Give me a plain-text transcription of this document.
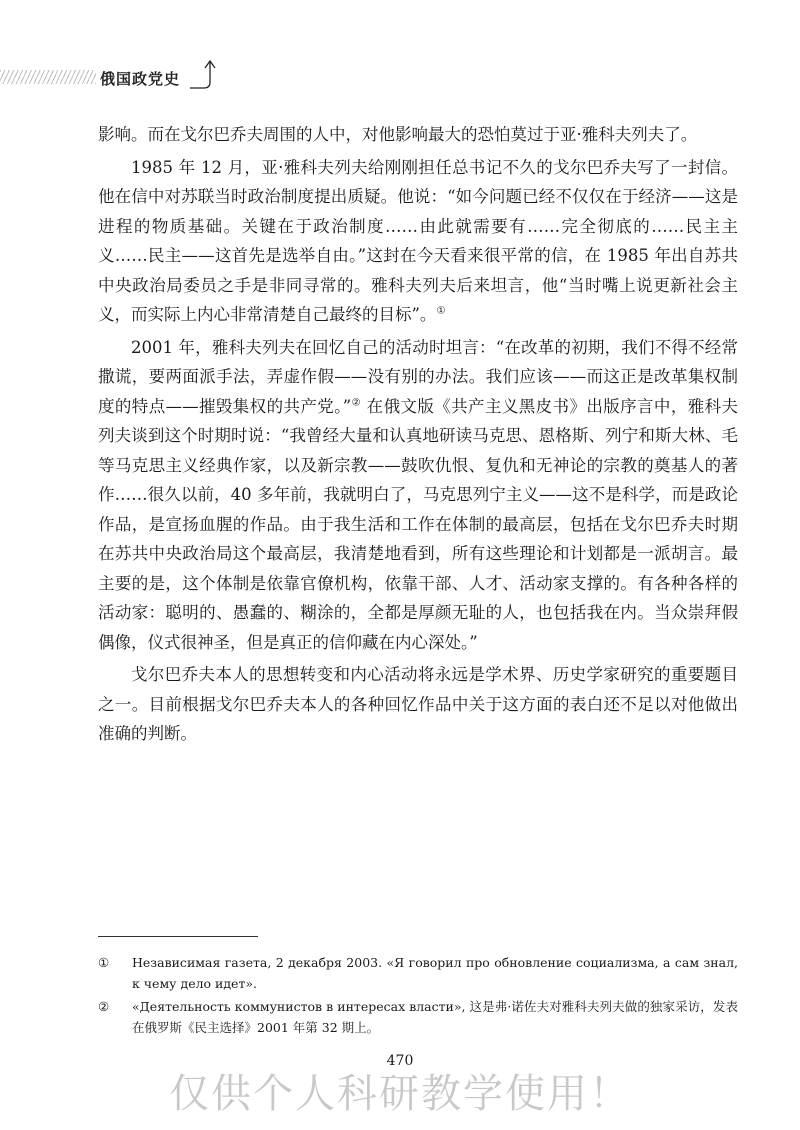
俄国政党史

影响。而在戈尔巴乔夫周围的人中，对他影响最大的恐怕莫过于亚·雅科夫列夫了。

1985 年 12 月，亚·雅科夫列夫给刚刚担任总书记不久的戈尔巴乔夫写了一封信。他在信中对苏联当时政治制度提出质疑。他说：“如今问题已经不仅仅在于经济——这是进程的物质基础。关键在于政治制度……由此就需要有……完全彻底的……民主主义……民主——这首先是选举自由。”这封在今天看来很平常的信，在 1985 年出自苏共中央政治局委员之手是非同寻常的。雅科夫列夫后来坦言，他“当时嘴上说更新社会主义，而实际上内心非常清楚自己最终的目标”。①

2001 年，雅科夫列夫在回忆自己的活动时坦言：“在改革的初期，我们不得不经常撒谎，要两面派手法，弄虚作假——没有别的办法。我们应该——而这正是改革集权制度的特点——摧毁集权的共产党。”② 在俄文版《共产主义黑皮书》出版序言中，雅科夫列夫谈到这个时期时说：“我曾经大量和认真地研读马克思、恩格斯、列宁和斯大林、毛等马克思主义经典作家，以及新宗教——鼓吹仇恨、复仇和无神论的宗教的奠基人的著作……很久以前，40 多年前，我就明白了，马克思列宁主义——这不是科学，而是政论作品，是宣扬血腥的作品。由于我生活和工作在体制的最高层，包括在戈尔巴乔夫时期在苏共中央政治局这个最高层，我清楚地看到，所有这些理论和计划都是一派胡言。最主要的是，这个体制是依靠官僚机构，依靠干部、人才、活动家支撑的。有各种各样的活动家：聪明的、愚蠢的、糊涂的，全都是厚颜无耻的人，也包括我在内。当众崇拜假偶像，仪式很神圣，但是真正的信仰藏在内心深处。”

戈尔巴乔夫本人的思想转变和内心活动将永远是学术界、历史学家研究的重要题目之一。目前根据戈尔巴乔夫本人的各种回忆作品中关于这方面的表白还不足以对他做出准确的判断。

①	Независимая газета, 2 декабря 2003. «Я говорил про обновление социализма, а сам знал, к чему дело идет».
②	«Деятельность коммунистов в интересах власти», 这是弗·诺佐夫对雅科夫列夫做的独家采访，发表在俄罗斯《民主选择》2001 年第 32 期上。
470
仅供个人科研教学使用！
